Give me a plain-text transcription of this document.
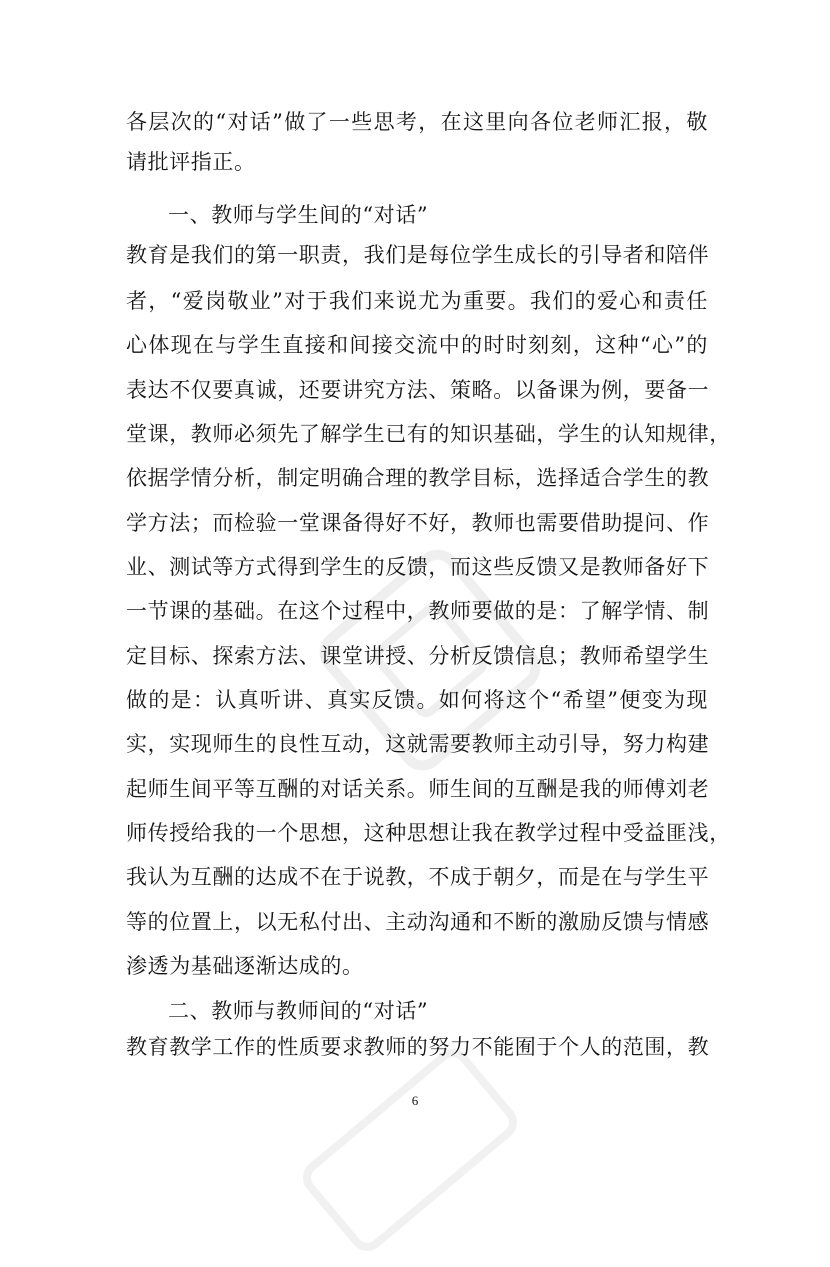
各层次的“对话”做了一些思考，在这里向各位老师汇报，敬
请批评指正。
一、教师与学生间的“对话”
教育是我们的第一职责，我们是每位学生成长的引导者和陪伴
者，“爱岗敬业”对于我们来说尤为重要。我们的爱心和责任
心体现在与学生直接和间接交流中的时时刻刻，这种“心”的
表达不仅要真诚，还要讲究方法、策略。以备课为例，要备一
堂课，教师必须先了解学生已有的知识基础，学生的认知规律，
依据学情分析，制定明确合理的教学目标，选择适合学生的教
学方法；而检验一堂课备得好不好，教师也需要借助提问、作
业、测试等方式得到学生的反馈，而这些反馈又是教师备好下
一节课的基础。在这个过程中，教师要做的是：了解学情、制
定目标、探索方法、课堂讲授、分析反馈信息；教师希望学生
做的是：认真听讲、真实反馈。如何将这个“希望”便变为现
实，实现师生的良性互动，这就需要教师主动引导，努力构建
起师生间平等互酬的对话关系。师生间的互酬是我的师傅刘老
师传授给我的一个思想，这种思想让我在教学过程中受益匪浅，
我认为互酬的达成不在于说教，不成于朝夕，而是在与学生平
等的位置上，以无私付出、主动沟通和不断的激励反馈与情感
渗透为基础逐渐达成的。
二、教师与教师间的“对话”
教育教学工作的性质要求教师的努力不能囿于个人的范围，教
6
